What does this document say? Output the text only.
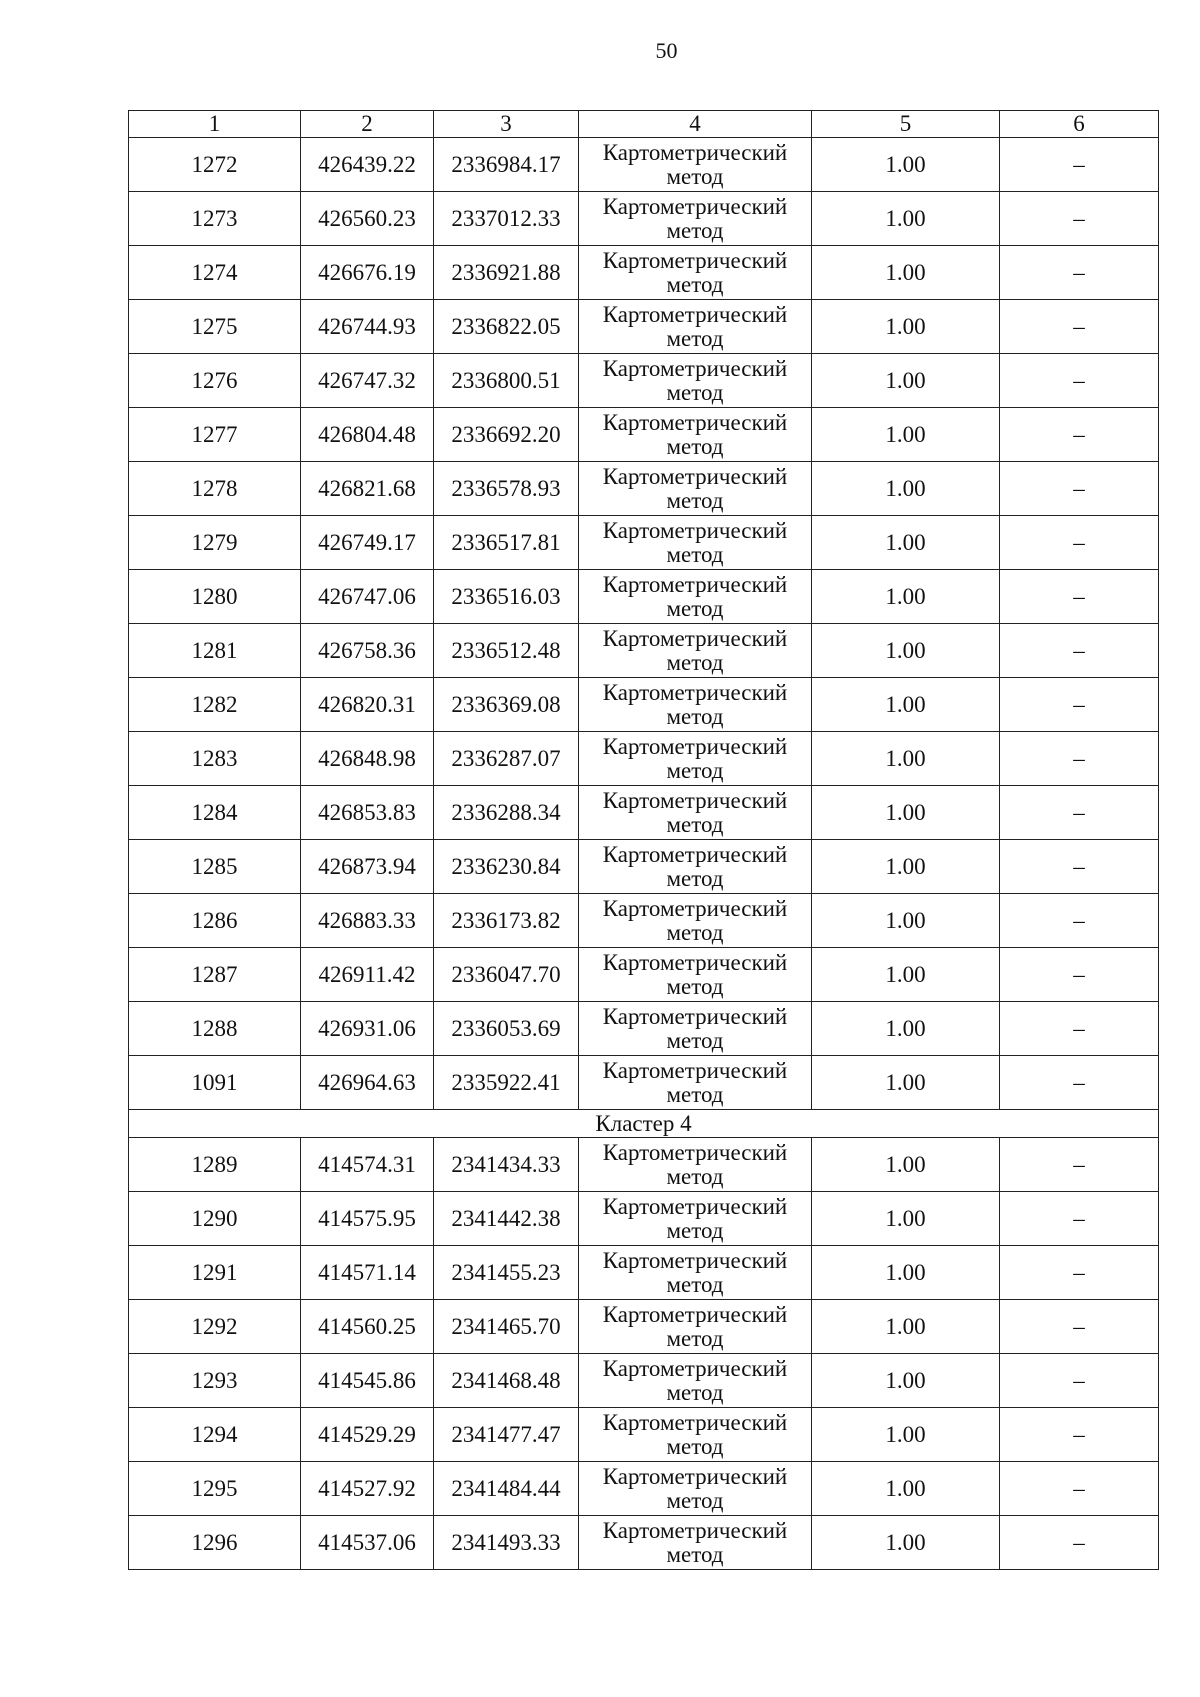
50
1	2	3	4	5	6
1272	426439.22	2336984.17	Картометрический
метод	1.00	–
1273	426560.23	2337012.33	Картометрический
метод	1.00	–
1274	426676.19	2336921.88	Картометрический
метод	1.00	–
1275	426744.93	2336822.05	Картометрический
метод	1.00	–
1276	426747.32	2336800.51	Картометрический
метод	1.00	–
1277	426804.48	2336692.20	Картометрический
метод	1.00	–
1278	426821.68	2336578.93	Картометрический
метод	1.00	–
1279	426749.17	2336517.81	Картометрический
метод	1.00	–
1280	426747.06	2336516.03	Картометрический
метод	1.00	–
1281	426758.36	2336512.48	Картометрический
метод	1.00	–
1282	426820.31	2336369.08	Картометрический
метод	1.00	–
1283	426848.98	2336287.07	Картометрический
метод	1.00	–
1284	426853.83	2336288.34	Картометрический
метод	1.00	–
1285	426873.94	2336230.84	Картометрический
метод	1.00	–
1286	426883.33	2336173.82	Картометрический
метод	1.00	–
1287	426911.42	2336047.70	Картометрический
метод	1.00	–
1288	426931.06	2336053.69	Картометрический
метод	1.00	–
1091	426964.63	2335922.41	Картометрический
метод	1.00	–
Кластер 4					
1289	414574.31	2341434.33	Картометрический
метод	1.00	–
1290	414575.95	2341442.38	Картометрический
метод	1.00	–
1291	414571.14	2341455.23	Картометрический
метод	1.00	–
1292	414560.25	2341465.70	Картометрический
метод	1.00	–
1293	414545.86	2341468.48	Картометрический
метод	1.00	–
1294	414529.29	2341477.47	Картометрический
метод	1.00	–
1295	414527.92	2341484.44	Картометрический
метод	1.00	–
1296	414537.06	2341493.33	Картометрический
метод	1.00	–
